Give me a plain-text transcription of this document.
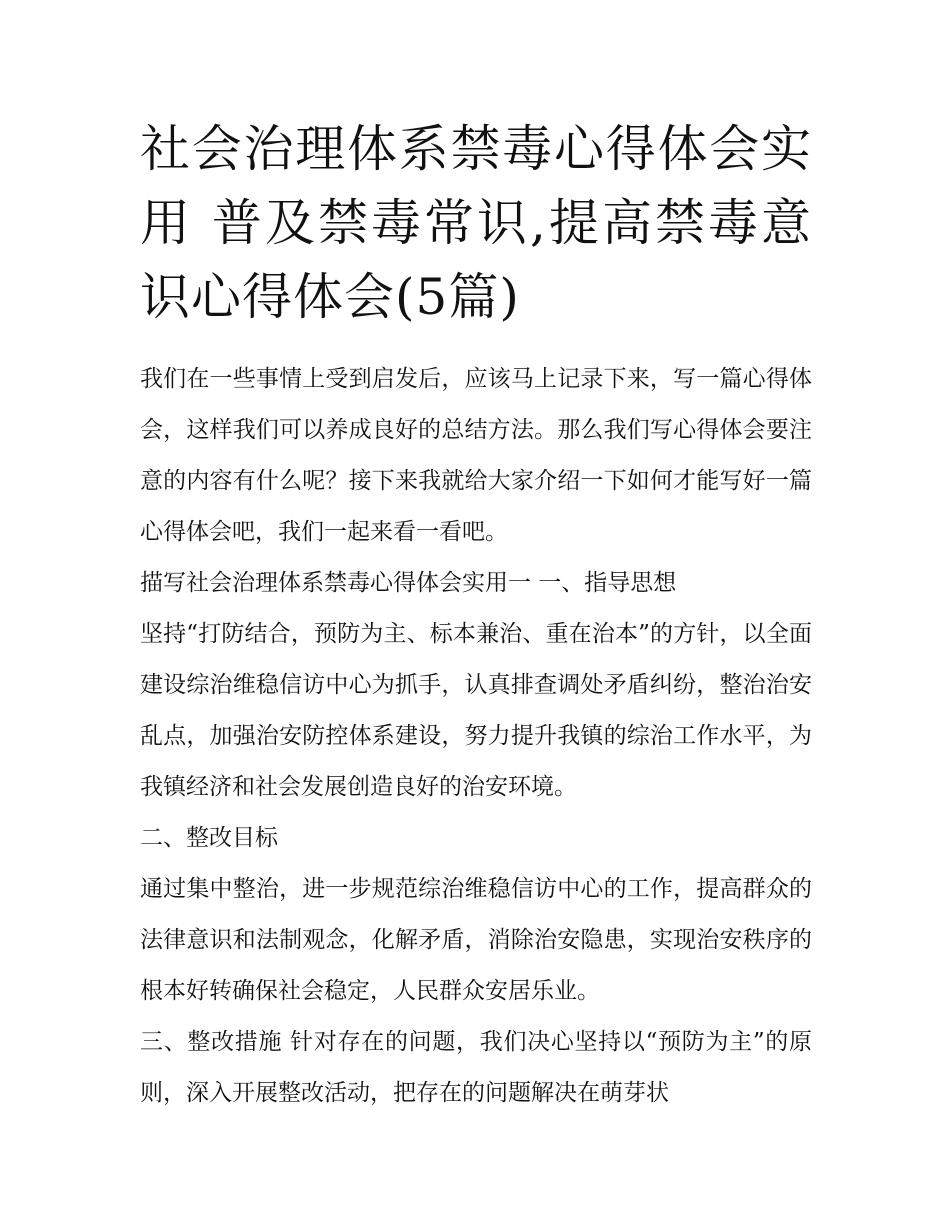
社会治理体系禁毒心得体会实用 普及禁毒常识,提高禁毒意识心得体会(5篇)

我们在一些事情上受到启发后，应该马上记录下来，写一篇心得体会，这样我们可以养成良好的总结方法。那么我们写心得体会要注意的内容有什么呢？接下来我就给大家介绍一下如何才能写好一篇心得体会吧，我们一起来看一看吧。

描写社会治理体系禁毒心得体会实用一 一、指导思想

坚持“打防结合，预防为主、标本兼治、重在治本”的方针，以全面建设综治维稳信访中心为抓手，认真排查调处矛盾纠纷，整治治安乱点，加强治安防控体系建设，努力提升我镇的综治工作水平，为我镇经济和社会发展创造良好的治安环境。

二、整改目标

通过集中整治，进一步规范综治维稳信访中心的工作，提高群众的法律意识和法制观念，化解矛盾，消除治安隐患，实现治安秩序的根本好转确保社会稳定，人民群众安居乐业。

三、整改措施 针对存在的问题，我们决心坚持以“预防为主”的原则，深入开展整改活动，把存在的问题解决在萌芽状
